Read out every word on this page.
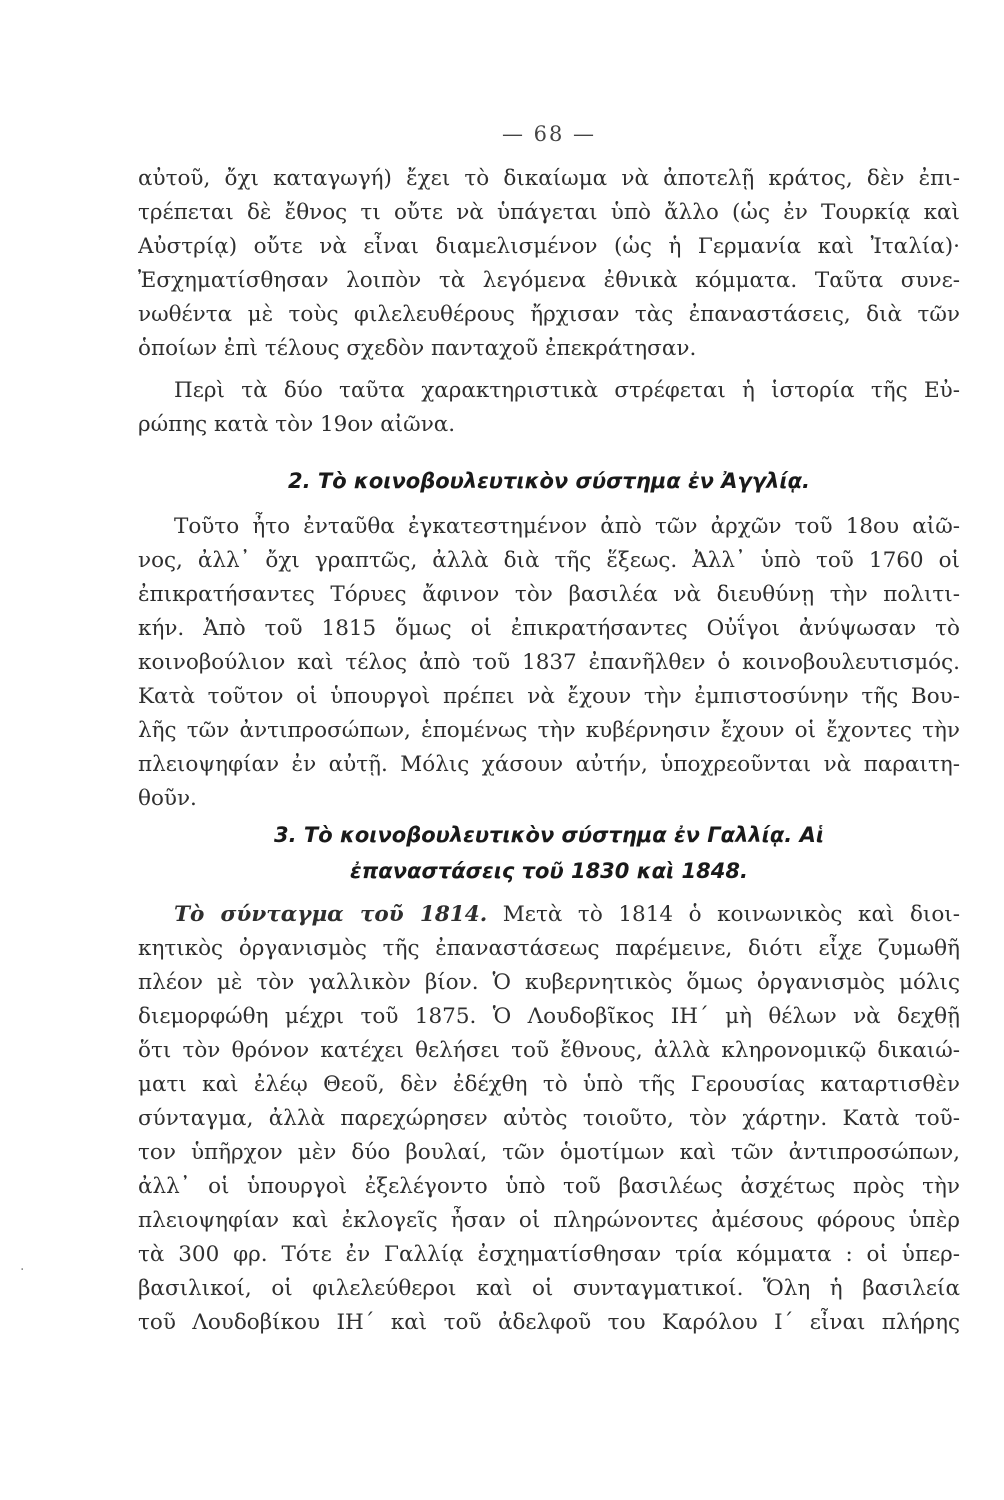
— 68 —
αὐτοῦ, ὄχι καταγωγή) ἔχει τὸ δικαίωμα νὰ ἀποτελῇ κράτος, δὲν ἐπι-
τρέπεται δὲ ἔθνος τι οὔτε νὰ ὑπάγεται ὑπὸ ἄλλο (ὡς ἐν Τουρκίᾳ καὶ
Αὐστρίᾳ) οὔτε νὰ εἶναι διαμελισμένον (ὡς ἡ Γερμανία καὶ Ἰταλία)·
Ἐσχηματίσθησαν λοιπὸν τὰ λεγόμενα ἐθνικὰ κόμματα. Ταῦτα συνε-
νωθέντα μὲ τοὺς φιλελευθέρους ἤρχισαν τὰς ἐπαναστάσεις, διὰ τῶν
ὁποίων ἐπὶ τέλους σχεδὸν πανταχοῦ ἐπεκράτησαν.
Περὶ τὰ δύο ταῦτα χαρακτηριστικὰ στρέφεται ἡ ἱστορία τῆς Εὐ-
ρώπης κατὰ τὸν 19ον αἰῶνα.
2. Τὸ κοινοβουλευτικὸν σύστημα ἐν Ἀγγλίᾳ.
Τοῦτο ἦτο ἐνταῦθα ἐγκατεστημένον ἀπὸ τῶν ἀρχῶν τοῦ 18ου αἰῶ-
νος, ἀλλ᾽ ὄχι γραπτῶς, ἀλλὰ διὰ τῆς ἕξεως. Ἀλλ᾽ ὑπὸ τοῦ 1760 οἱ
ἐπικρατήσαντες Τόρυες ἄφινον τὸν βασιλέα νὰ διευθύνῃ τὴν πολιτι-
κήν. Ἀπὸ τοῦ 1815 ὅμως οἱ ἐπικρατήσαντες Οὐΐγοι ἀνύψωσαν τὸ
κοινοβούλιον καὶ τέλος ἀπὸ τοῦ 1837 ἐπανῆλθεν ὁ κοινοβουλευτισμός.
Κατὰ τοῦτον οἱ ὑπουργοὶ πρέπει νὰ ἔχουν τὴν ἐμπιστοσύνην τῆς Βου-
λῆς τῶν ἀντιπροσώπων, ἑπομένως τὴν κυβέρνησιν ἔχουν οἱ ἔχοντες τὴν
πλειοψηφίαν ἐν αὐτῇ. Μόλις χάσουν αὐτήν, ὑποχρεοῦνται νὰ παραιτη-
θοῦν.
3. Τὸ κοινοβουλευτικὸν σύστημα ἐν Γαλλίᾳ. Αἱ
ἐπαναστάσεις τοῦ 1830 καὶ 1848.
Τὸ σύνταγμα τοῦ 1814. Μετὰ τὸ 1814 ὁ κοινωνικὸς καὶ διοι-
κητικὸς ὀργανισμὸς τῆς ἐπαναστάσεως παρέμεινε, διότι εἶχε ζυμωθῆ
πλέον μὲ τὸν γαλλικὸν βίον. Ὁ κυβερνητικὸς ὅμως ὀργανισμὸς μόλις
διεμορφώθη μέχρι τοῦ 1875. Ὁ Λουδοβῖκος ΙΗ΄ μὴ θέλων νὰ δεχθῇ
ὅτι τὸν θρόνον κατέχει θελήσει τοῦ ἔθνους, ἀλλὰ κληρονομικῷ δικαιώ-
ματι καὶ ἐλέῳ Θεοῦ, δὲν ἐδέχθη τὸ ὑπὸ τῆς Γερουσίας καταρτισθὲν
σύνταγμα, ἀλλὰ παρεχώρησεν αὐτὸς τοιοῦτο, τὸν χάρτην. Κατὰ τοῦ-
τον ὑπῆρχον μὲν δύο βουλαί, τῶν ὁμοτίμων καὶ τῶν ἀντιπροσώπων,
ἀλλ᾽ οἱ ὑπουργοὶ ἐξελέγοντο ὑπὸ τοῦ βασιλέως ἀσχέτως πρὸς τὴν
πλειοψηφίαν καὶ ἐκλογεῖς ἦσαν οἱ πληρώνοντες ἀμέσους φόρους ὑπὲρ
τὰ 300 φρ. Τότε ἐν Γαλλίᾳ ἐσχηματίσθησαν τρία κόμματα : οἱ ὑπερ-
βασιλικοί, οἱ φιλελεύθεροι καὶ οἱ συνταγματικοί. Ὅλη ἡ βασιλεία
τοῦ Λουδοβίκου ΙΗ΄ καὶ τοῦ ἀδελφοῦ του Καρόλου Ι΄ εἶναι πλήρης
·
